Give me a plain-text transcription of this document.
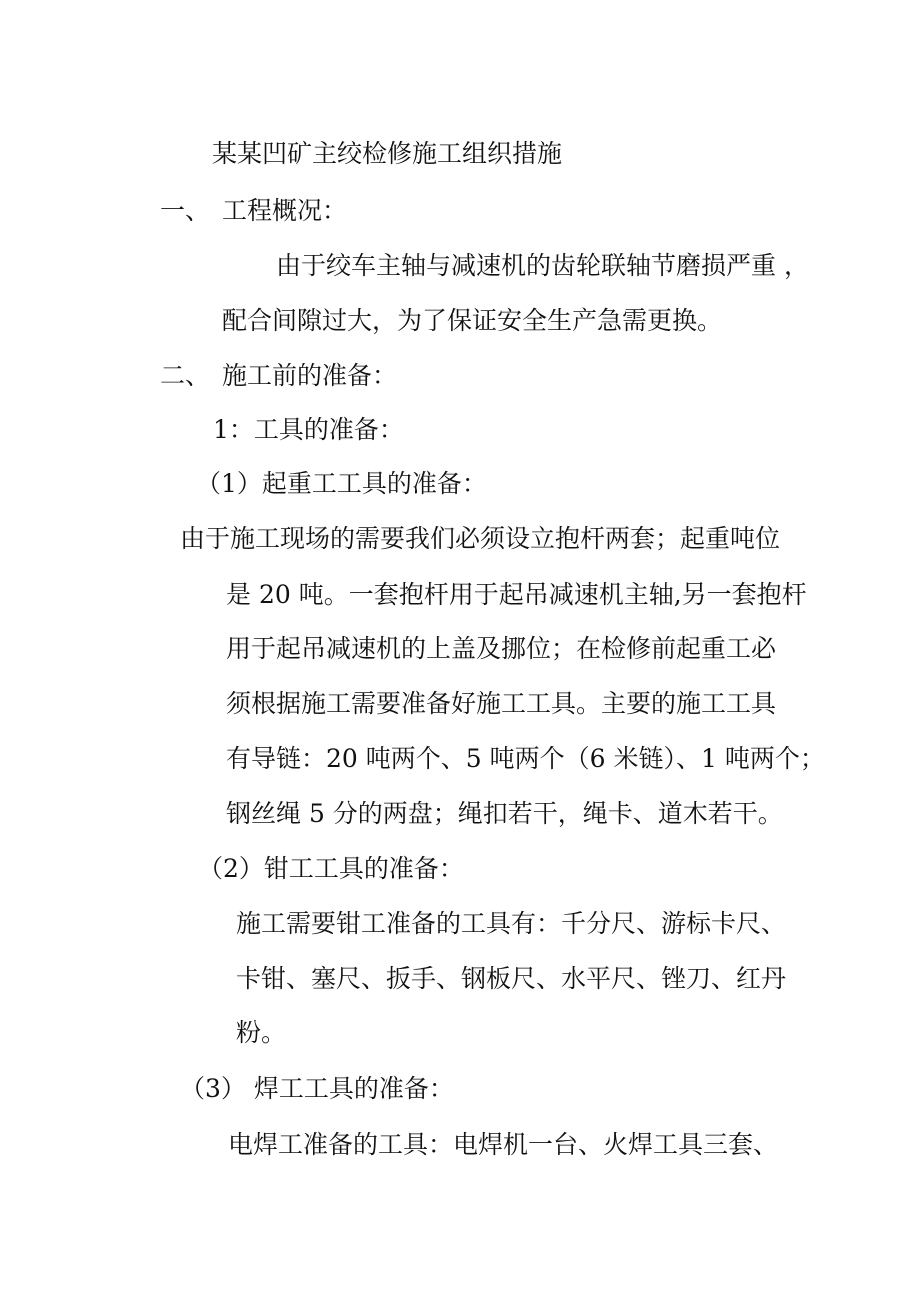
某某凹矿主绞检修施工组织措施
一、 工程概况：
由于绞车主轴与减速机的齿轮联轴节磨损严重 ，
配合间隙过大，为了保证安全生产急需更换。
二、 施工前的准备：
1：工具的准备：
（1）起重工工具的准备：
由于施工现场的需要我们必须设立抱杆两套；起重吨位
是 20 吨。一套抱杆用于起吊减速机主轴,另一套抱杆
用于起吊减速机的上盖及挪位；在检修前起重工必
须根据施工需要准备好施工工具。主要的施工工具
有导链：20 吨两个、5 吨两个（6 米链）、1 吨两个；
钢丝绳 5 分的两盘；绳扣若干，绳卡、道木若干。
（2）钳工工具的准备：
施工需要钳工准备的工具有：千分尺、游标卡尺、
卡钳、塞尺、扳手、钢板尺、水平尺、锉刀、红丹
粉。
（3） 焊工工具的准备：
电焊工准备的工具：电焊机一台、火焊工具三套、
